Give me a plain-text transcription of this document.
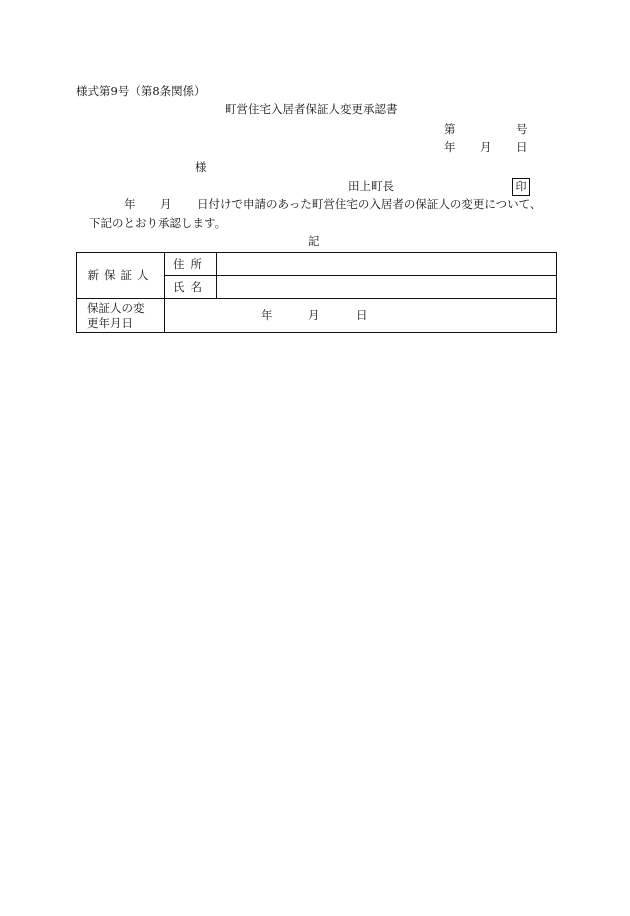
様式第9号（第8条関係）
町営住宅入居者保証人変更承認書
第	号
年 月 日
様
田上町長	印
年 月 日付けで申請のあった町営住宅の入居者の保証人の変更について、
下記のとおり承認します。
記
新保証人	住所	
	氏名	
保証人の変
更年月日	年 月 日	
